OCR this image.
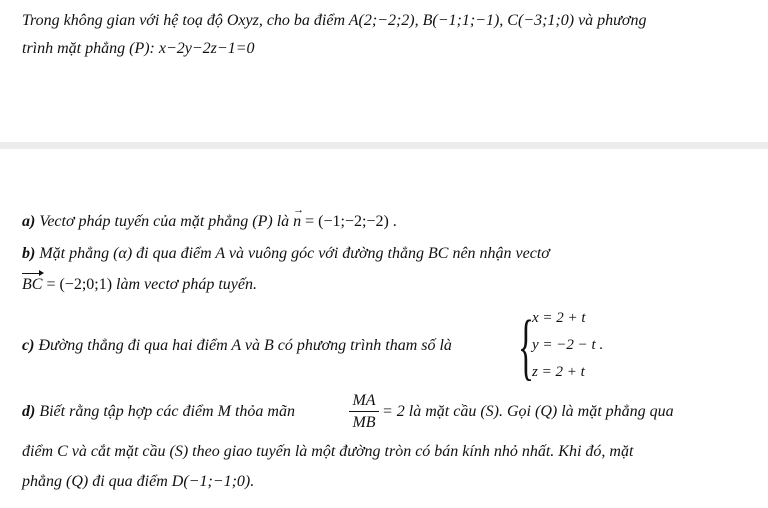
Trong không gian với hệ toạ độ Oxyz, cho ba điểm A(2;−2;2), B(−1;1;−1), C(−3;1;0) và phương
trình mặt phẳng (P): x−2y−2z−1=0
a) Vectơ pháp tuyến của mặt phẳng (P) là
→
n = (−1;−2;−2) .
b) Mặt phẳng (α) đi qua điểm A và vuông góc với đường thẳng BC nên nhận vectơ
BC = (−2;0;1) làm vectơ pháp tuyến.
c) Đường thẳng đi qua hai điểm A và B có phương trình tham số là {
x = 2 + t
y = −2 − t .
z = 2 + t
d) Biết rằng tập hợp các điểm M thỏa mãn	$\frac{MA}{MB} = 2$ là mặt cầu (S). Gọi (Q) là mặt phẳng qua
điểm C và cắt mặt cầu (S) theo giao tuyến là một đường tròn có bán kính nhỏ nhất. Khi đó, mặt
phẳng (Q) đi qua điểm D(−1;−1;0).
